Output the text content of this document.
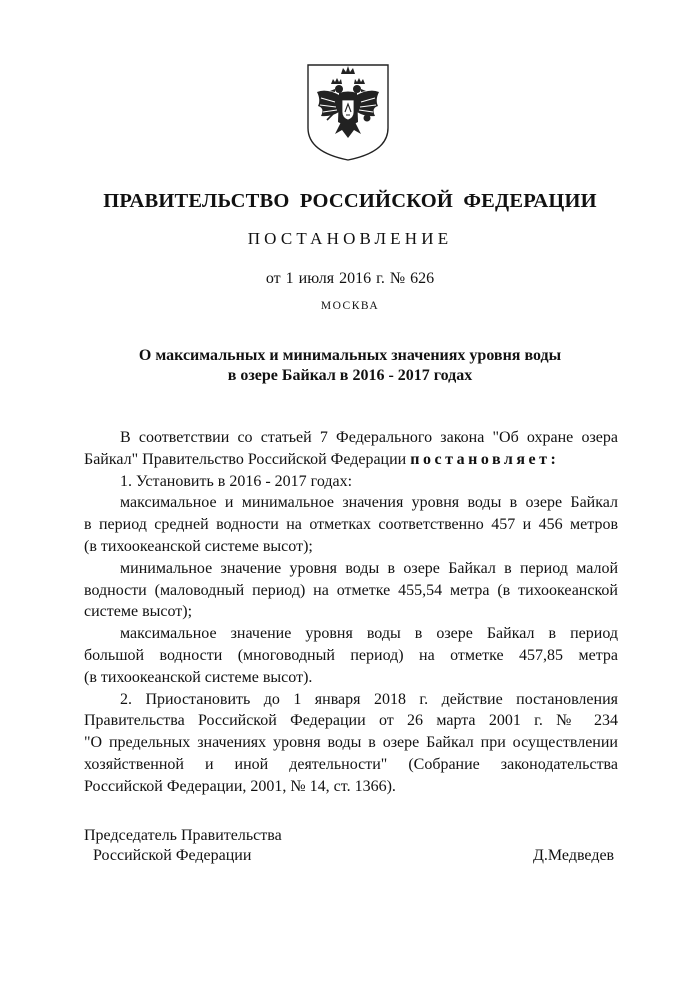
ПРАВИТЕЛЬСТВО РОССИЙСКОЙ ФЕДЕРАЦИИ
ПОСТАНОВЛЕНИЕ
от 1 июля 2016 г. № 626
МОСКВА
О максимальных и минимальных значениях уровня воды
в озере Байкал в 2016 - 2017 годах
В соответствии со статьей 7 Федерального закона "Об охране озера
Байкал" Правительство Российской Федерации постановляет:
1. Установить в 2016 - 2017 годах:
максимальное и минимальное значения уровня воды в озере Байкал
в период средней водности на отметках соответственно 457 и 456 метров
(в тихоокеанской системе высот);
минимальное значение уровня воды в озере Байкал в период малой
водности (маловодный период) на отметке 455,54 метра (в тихоокеанской
системе высот);
максимальное значение уровня воды в озере Байкал в период
большой водности (многоводный период) на отметке 457,85 метра
(в тихоокеанской системе высот).
2. Приостановить до 1 января 2018 г. действие постановления
Правительства Российской Федерации от 26 марта 2001 г. № 234
"О предельных значениях уровня воды в озере Байкал при осуществлении
хозяйственной и иной деятельности" (Собрание законодательства
Российской Федерации, 2001, № 14, ст. 1366).
Председатель Правительства
Российской Федерации	Д.Медведев
